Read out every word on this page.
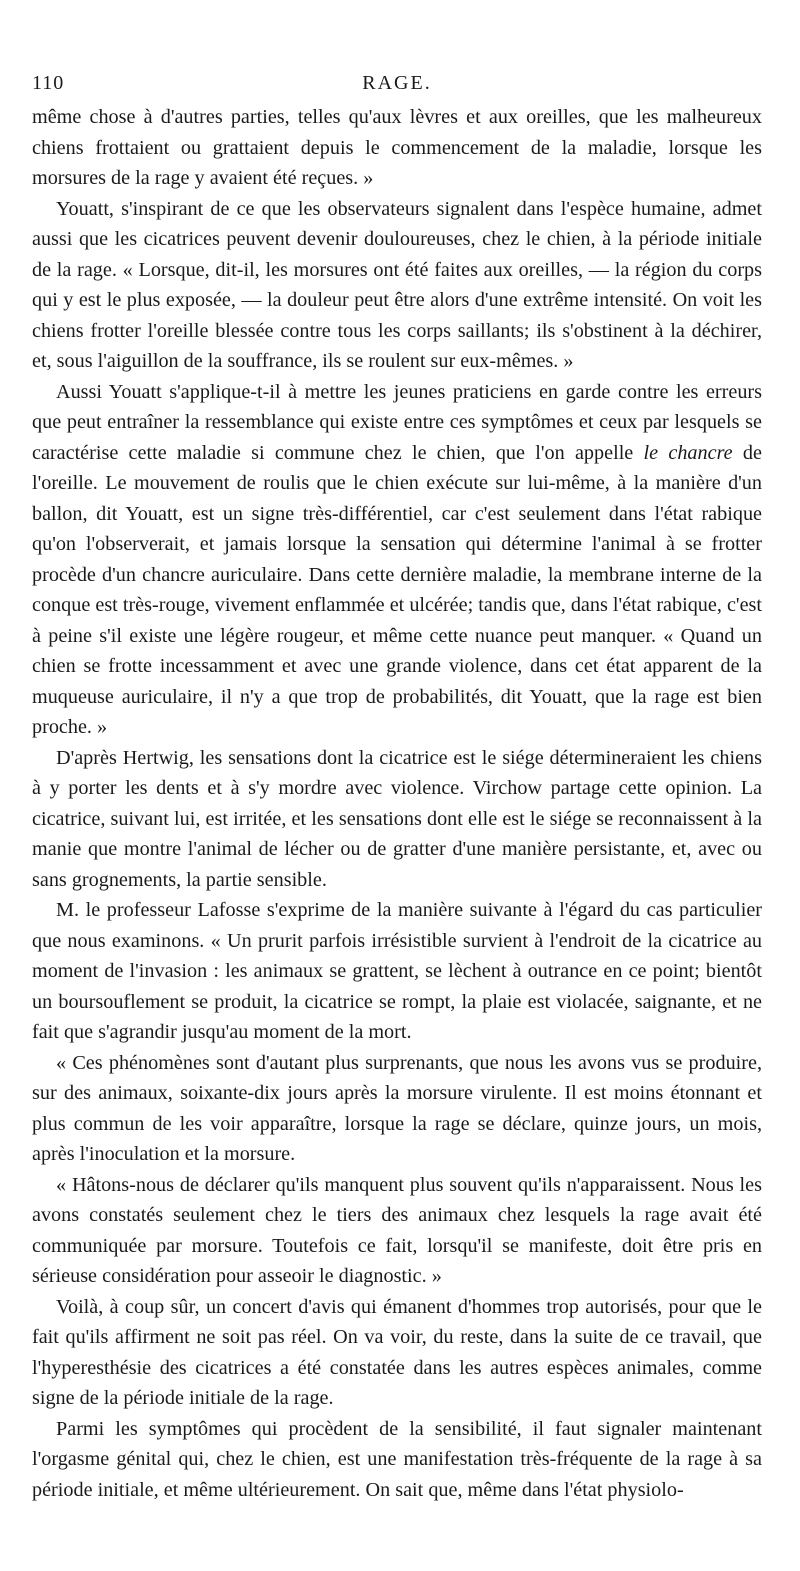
110	RAGE.

même chose à d'autres parties, telles qu'aux lèvres et aux oreilles, que les malheureux chiens frottaient ou grattaient depuis le commencement de la maladie, lorsque les morsures de la rage y avaient été reçues. »

Youatt, s'inspirant de ce que les observateurs signalent dans l'espèce humaine, admet aussi que les cicatrices peuvent devenir douloureuses, chez le chien, à la période initiale de la rage. « Lorsque, dit-il, les morsures ont été faites aux oreilles, — la région du corps qui y est le plus exposée, — la douleur peut être alors d'une extrême intensité. On voit les chiens frotter l'oreille blessée contre tous les corps saillants; ils s'obstinent à la déchirer, et, sous l'aiguillon de la souffrance, ils se roulent sur eux-mêmes. »

Aussi Youatt s'applique-t-il à mettre les jeunes praticiens en garde contre les erreurs que peut entraîner la ressemblance qui existe entre ces symptômes et ceux par lesquels se caractérise cette maladie si commune chez le chien, que l'on appelle le chancre de l'oreille. Le mouvement de roulis que le chien exécute sur lui-même, à la manière d'un ballon, dit Youatt, est un signe très-différentiel, car c'est seulement dans l'état rabique qu'on l'observerait, et jamais lorsque la sensation qui détermine l'animal à se frotter procède d'un chancre auriculaire. Dans cette dernière maladie, la membrane interne de la conque est très-rouge, vivement enflammée et ulcérée; tandis que, dans l'état rabique, c'est à peine s'il existe une légère rougeur, et même cette nuance peut manquer. « Quand un chien se frotte incessamment et avec une grande violence, dans cet état apparent de la muqueuse auriculaire, il n'y a que trop de probabilités, dit Youatt, que la rage est bien proche. »

D'après Hertwig, les sensations dont la cicatrice est le siége détermineraient les chiens à y porter les dents et à s'y mordre avec violence. Virchow partage cette opinion. La cicatrice, suivant lui, est irritée, et les sensations dont elle est le siége se reconnaissent à la manie que montre l'animal de lécher ou de gratter d'une manière persistante, et, avec ou sans grognements, la partie sensible.

M. le professeur Lafosse s'exprime de la manière suivante à l'égard du cas particulier que nous examinons. « Un prurit parfois irrésistible survient à l'endroit de la cicatrice au moment de l'invasion : les animaux se grattent, se lèchent à outrance en ce point; bientôt un boursouflement se produit, la cicatrice se rompt, la plaie est violacée, saignante, et ne fait que s'agrandir jusqu'au moment de la mort.

« Ces phénomènes sont d'autant plus surprenants, que nous les avons vus se produire, sur des animaux, soixante-dix jours après la morsure virulente. Il est moins étonnant et plus commun de les voir apparaître, lorsque la rage se déclare, quinze jours, un mois, après l'inoculation et la morsure.

« Hâtons-nous de déclarer qu'ils manquent plus souvent qu'ils n'apparaissent. Nous les avons constatés seulement chez le tiers des animaux chez lesquels la rage avait été communiquée par morsure. Toutefois ce fait, lorsqu'il se manifeste, doit être pris en sérieuse considération pour asseoir le diagnostic. »

Voilà, à coup sûr, un concert d'avis qui émanent d'hommes trop autorisés, pour que le fait qu'ils affirment ne soit pas réel. On va voir, du reste, dans la suite de ce travail, que l'hyperesthésie des cicatrices a été constatée dans les autres espèces animales, comme signe de la période initiale de la rage.

Parmi les symptômes qui procèdent de la sensibilité, il faut signaler maintenant l'orgasme génital qui, chez le chien, est une manifestation très-fréquente de la rage à sa période initiale, et même ultérieurement. On sait que, même dans l'état physiolo-
